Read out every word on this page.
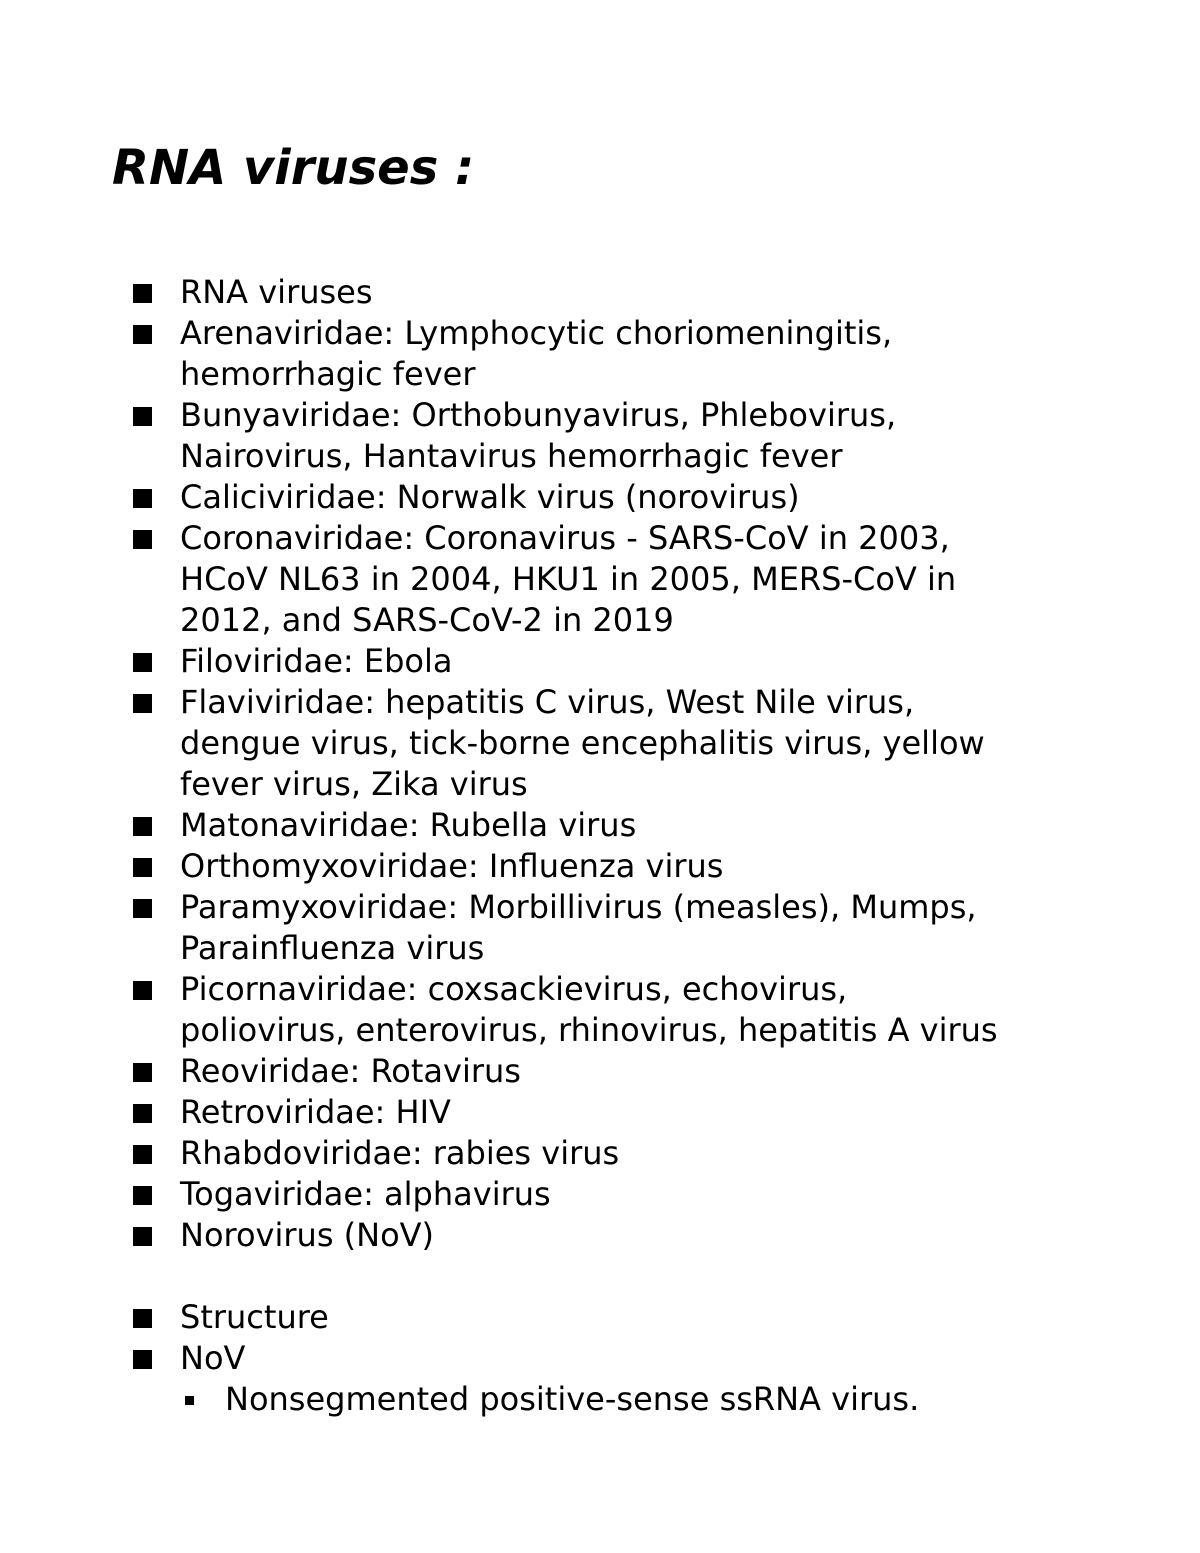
RNA viruses :
RNA viruses
Arenaviridae: Lymphocytic choriomeningitis,
hemorrhagic fever
Bunyaviridae: Orthobunyavirus, Phlebovirus,
Nairovirus, Hantavirus hemorrhagic fever
Caliciviridae: Norwalk virus (norovirus)
Coronaviridae: Coronavirus - SARS-CoV in 2003,
HCoV NL63 in 2004, HKU1 in 2005, MERS-CoV in
2012, and SARS-CoV-2 in 2019
Filoviridae: Ebola
Flaviviridae: hepatitis C virus, West Nile virus,
dengue virus, tick-borne encephalitis virus, yellow
fever virus, Zika virus
Matonaviridae: Rubella virus
Orthomyxoviridae: Influenza virus
Paramyxoviridae: Morbillivirus (measles), Mumps,
Parainfluenza virus
Picornaviridae: coxsackievirus, echovirus,
poliovirus, enterovirus, rhinovirus, hepatitis A virus
Reoviridae: Rotavirus
Retroviridae: HIV
Rhabdoviridae: rabies virus
Togaviridae: alphavirus
Norovirus (NoV)
Structure
NoV
Nonsegmented positive-sense ssRNA virus.
